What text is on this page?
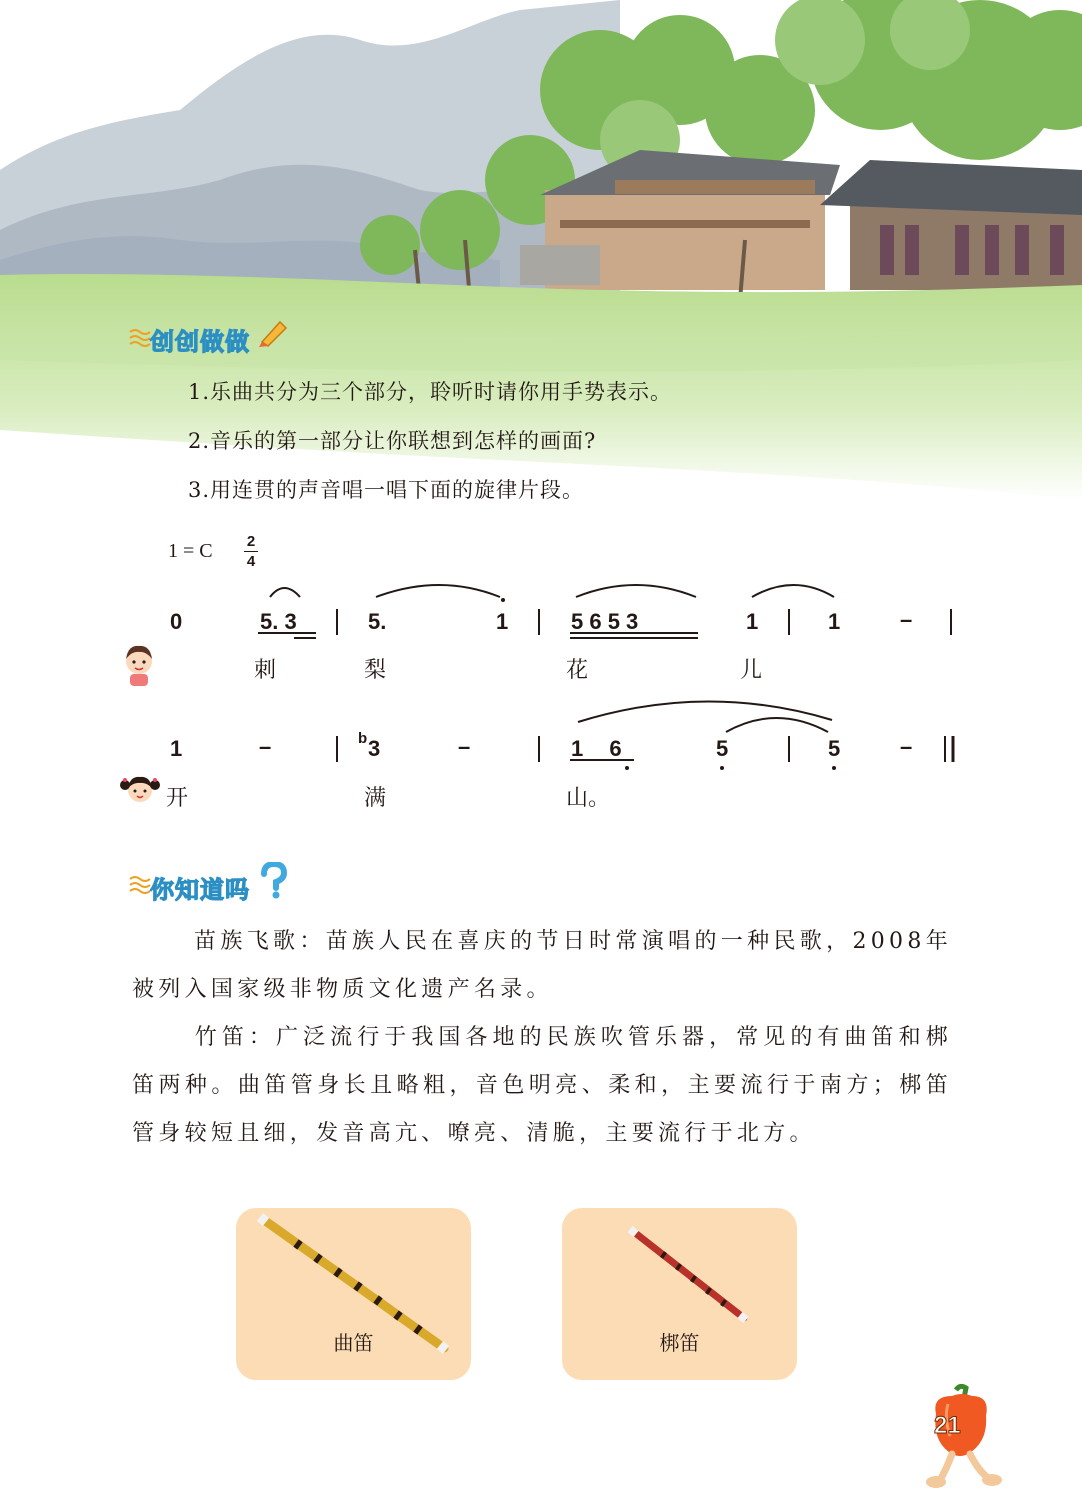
创创做做
1.乐曲共分为三个部分，聆听时请你用手势表示。
2.音乐的第一部分让你联想到怎样的画面?
3.用连贯的声音唱一唱下面的旋律片段。
1 = C 2
4
0	5. 3	5.	1	5 6 5 3	1	1	–
刺	梨	花	儿
1	–	b 3	–	1 6	5	5	–
开	满	山。
你知道吗
苗族飞歌：苗族人民在喜庆的节日时常演唱的一种民歌，2008年被列入国家级非物质文化遗产名录。
竹笛：广泛流行于我国各地的民族吹管乐器，常见的有曲笛和梆笛两种。曲笛管身长且略粗，音色明亮、柔和，主要流行于南方；梆笛管身较短且细，发音高亢、嘹亮、清脆，主要流行于北方。
曲笛	梆笛
21
